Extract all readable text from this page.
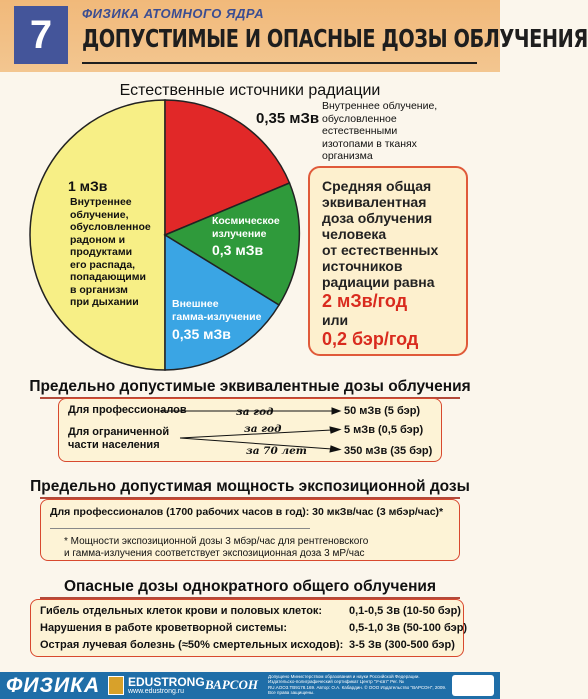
7	ФИЗИКА АТОМНОГО ЯДРА
ДОПУСТИМЫЕ И ОПАСНЫЕ ДОЗЫ ОБЛУЧЕНИЯ
Естественные источники радиации
0,35 мЗв
Внутреннее облучение,
обусловленное
естественными
изотопами в тканях
организма
1 мЗв
Внутреннее
облучение,
обусловленное
радоном и
продуктами
его распада,
попадающими
в организм
при дыхании
Космическое
излучение
0,3 мЗв
Внешнее
гамма-излучение
0,35 мЗв
Средняя общая
эквивалентная
доза облучения
человека
от естественных
источников
радиации равна
2 мЗв/год
или
0,2 бэр/год
Предельно допустимые эквивалентные дозы облучения
Для профессионалов
Для ограниченной
части населения
за год
за год
за 70 лет
50 мЗв (5 бэр)
5 мЗв (0,5 бэр)
350 мЗв (35 бэр)
Предельно допустимая мощность экспозиционной дозы
Для профессионалов (1700 рабочих часов в год): 30 мкЗв/час (3 мбэр/час)*
* Мощности экспозиционной дозы 3 мбэр/час для рентгеновского
и гамма-излучения соответствует экспозиционная доза 3 мР/час
Опасные дозы однократного общего облучения
Гибель отдельных клеток крови и половых клеток: 0,1-0,5 Зв (10-50 бэр)
Нарушения в работе кроветворной системы:	0,5-1,0 Зв (50-100 бэр)
Острая лучевая болезнь (≈50% смертельных исходов): 3-5 Зв (300-500 бэр)
ФИЗИКА EDUSTRONG
www.edustrong.ru ВАРСОН
Допущено Министерством образования и науки Российской Федерации. Издательско-полиграфический сертификат Центр "Учсвт" Рег. № RU.AOO3.TB9178.169. Автор: О.А. Кабардин. © ООО Издательство "ВАРСОН", 2009. Все права защищены.
